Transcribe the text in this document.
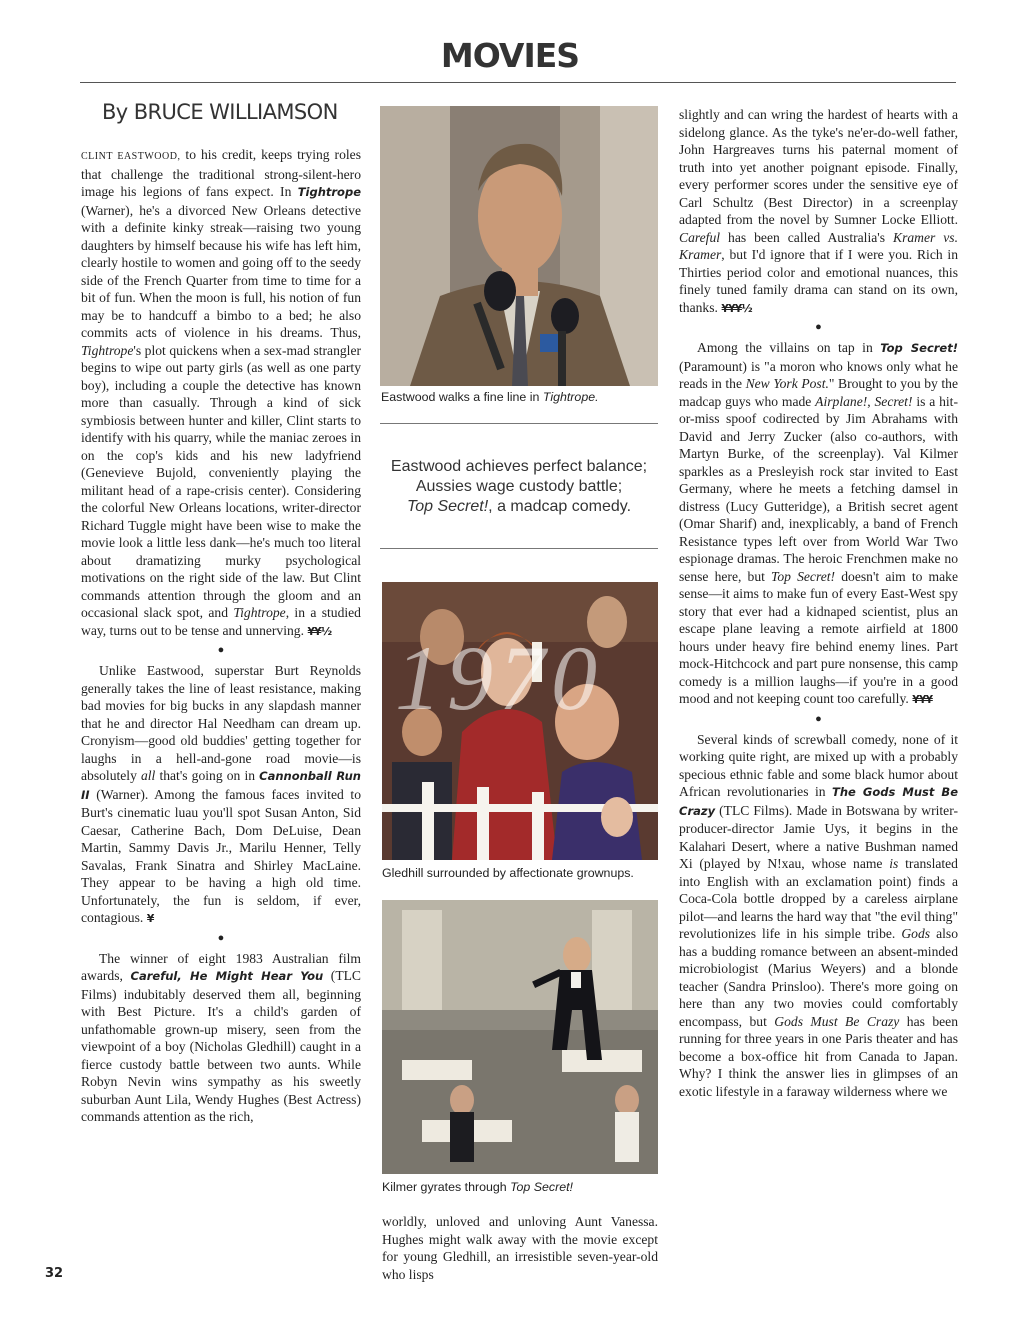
MOVIES
By BRUCE WILLIAMSON

CLINT EASTWOOD, to his credit, keeps trying roles that challenge the traditional strong-silent-hero image his legions of fans expect. In Tightrope (Warner), he's a divorced New Orleans detective with a definite kinky streak—raising two young daughters by himself because his wife has left him, clearly hostile to women and going off to the seedy side of the French Quarter from time to time for a bit of fun. When the moon is full, his notion of fun may be to handcuff a bimbo to a bed; he also commits acts of violence in his dreams. Thus, Tightrope's plot quickens when a sex-mad strangler begins to wipe out party girls (as well as one party boy), including a couple the detective has known more than casually. Through a kind of sick symbiosis between hunter and killer, Clint starts to identify with his quarry, while the maniac zeroes in on the cop's kids and his new ladyfriend (Genevieve Bujold, conveniently playing the militant head of a rape-crisis center). Considering the colorful New Orleans locations, writer-director Richard Tuggle might have been wise to make the movie look a little less dank—he's much too literal about dramatizing murky psychological motivations on the right side of the law. But Clint commands attention through the gloom and an occasional slack spot, and Tightrope, in a studied way, turns out to be tense and unnerving. ¥¥½

●

Unlike Eastwood, superstar Burt Reynolds generally takes the line of least resistance, making bad movies for big bucks in any slapdash manner that he and director Hal Needham can dream up. Cronyism—good old buddies' getting together for laughs in a hell-and-gone road movie—is absolutely all that's going on in Cannonball Run II (Warner). Among the famous faces invited to Burt's cinematic luau you'll spot Susan Anton, Sid Caesar, Catherine Bach, Dom DeLuise, Dean Martin, Sammy Davis Jr., Marilu Henner, Telly Savalas, Frank Sinatra and Shirley MacLaine. They appear to be having a high old time. Unfortunately, the fun is seldom, if ever, contagious. ¥

●

The winner of eight 1983 Australian film awards, Careful, He Might Hear You (TLC Films) indubitably deserved them all, beginning with Best Picture. It's a child's garden of unfathomable grown-up misery, seen from the viewpoint of a boy (Nicholas Gledhill) caught in a fierce custody battle between two aunts. While Robyn Nevin wins sympathy as his sweetly suburban Aunt Lila, Wendy Hughes (Best Actress) commands attention as the rich,

Eastwood walks a fine line in Tightrope.
Eastwood achieves perfect balance;
Aussies wage custody battle;
Top Secret!, a madcap comedy.
Gledhill surrounded by affectionate grownups.
Kilmer gyrates through Top Secret!
1970
worldly, unloved and unloving Aunt Vanessa. Hughes might walk away with the movie except for young Gledhill, an irresistible seven-year-old who lisps

slightly and can wring the hardest of hearts with a sidelong glance. As the tyke's ne'er-do-well father, John Hargreaves turns his paternal moment of truth into yet another poignant episode. Finally, every performer scores under the sensitive eye of Carl Schultz (Best Director) in a screenplay adapted from the novel by Sumner Locke Elliott. Careful has been called Australia's Kramer vs. Kramer, but I'd ignore that if I were you. Rich in Thirties period color and emotional nuances, this finely tuned family drama can stand on its own, thanks. ¥¥¥½

●

Among the villains on tap in Top Secret! (Paramount) is "a moron who knows only what he reads in the New York Post." Brought to you by the madcap guys who made Airplane!, Secret! is a hit-or-miss spoof codirected by Jim Abrahams with David and Jerry Zucker (also co-authors, with Martyn Burke, of the screenplay). Val Kilmer sparkles as a Presleyish rock star invited to East Germany, where he meets a fetching damsel in distress (Lucy Gutteridge), a British secret agent (Omar Sharif) and, inexplicably, a band of French Resistance types left over from World War Two espionage dramas. The heroic Frenchmen make no sense here, but Top Secret! doesn't aim to make sense—it aims to make fun of every East-West spy story that ever had a kidnaped scientist, plus an escape plane leaving a remote airfield at 1800 hours under heavy fire behind enemy lines. Part mock-Hitchcock and part pure nonsense, this camp comedy is a million laughs—if you're in a good mood and not keeping count too carefully. ¥¥¥

●

Several kinds of screwball comedy, none of it working quite right, are mixed up with a probably specious ethnic fable and some black humor about African revolutionaries in The Gods Must Be Crazy (TLC Films). Made in Botswana by writer-producer-director Jamie Uys, it begins in the Kalahari Desert, where a native Bushman named Xi (played by N!xau, whose name is translated into English with an exclamation point) finds a Coca-Cola bottle dropped by a careless airplane pilot—and learns the hard way that "the evil thing" revolutionizes life in his simple tribe. Gods also has a budding romance between an absent-minded microbiologist (Marius Weyers) and a blonde teacher (Sandra Prinsloo). There's more going on here than any two movies could comfortably encompass, but Gods Must Be Crazy has been running for three years in one Paris theater and has become a box-office hit from Canada to Japan. Why? I think the answer lies in glimpses of an exotic lifestyle in a faraway wilderness where we

32
